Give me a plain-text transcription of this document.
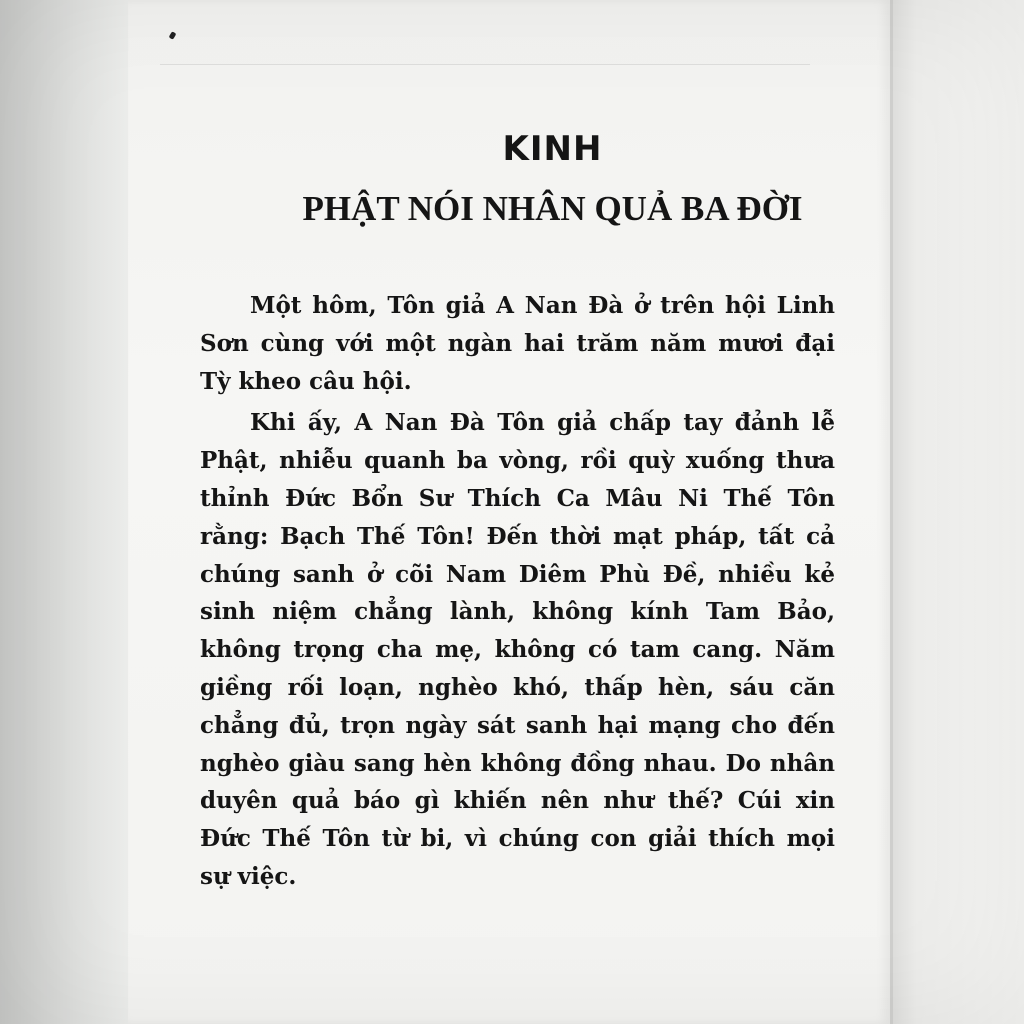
KINH
PHẬT NÓI NHÂN QUẢ BA ĐỜI

Một hôm, Tôn giả A Nan Đà ở trên hội Linh Sơn cùng với một ngàn hai trăm năm mươi đại Tỳ kheo câu hội.

Khi ấy, A Nan Đà Tôn giả chấp tay đảnh lễ Phật, nhiễu quanh ba vòng, rồi quỳ xuống thưa thỉnh Đức Bổn Sư Thích Ca Mâu Ni Thế Tôn rằng: Bạch Thế Tôn! Đến thời mạt pháp, tất cả chúng sanh ở cõi Nam Diêm Phù Đề, nhiều kẻ sinh niệm chẳng lành, không kính Tam Bảo, không trọng cha mẹ, không có tam cang. Năm giềng rối loạn, nghèo khó, thấp hèn, sáu căn chẳng đủ, trọn ngày sát sanh hại mạng cho đến nghèo giàu sang hèn không đồng nhau. Do nhân duyên quả báo gì khiến nên như thế? Cúi xin Đức Thế Tôn từ bi, vì chúng con giải thích mọi sự việc.
